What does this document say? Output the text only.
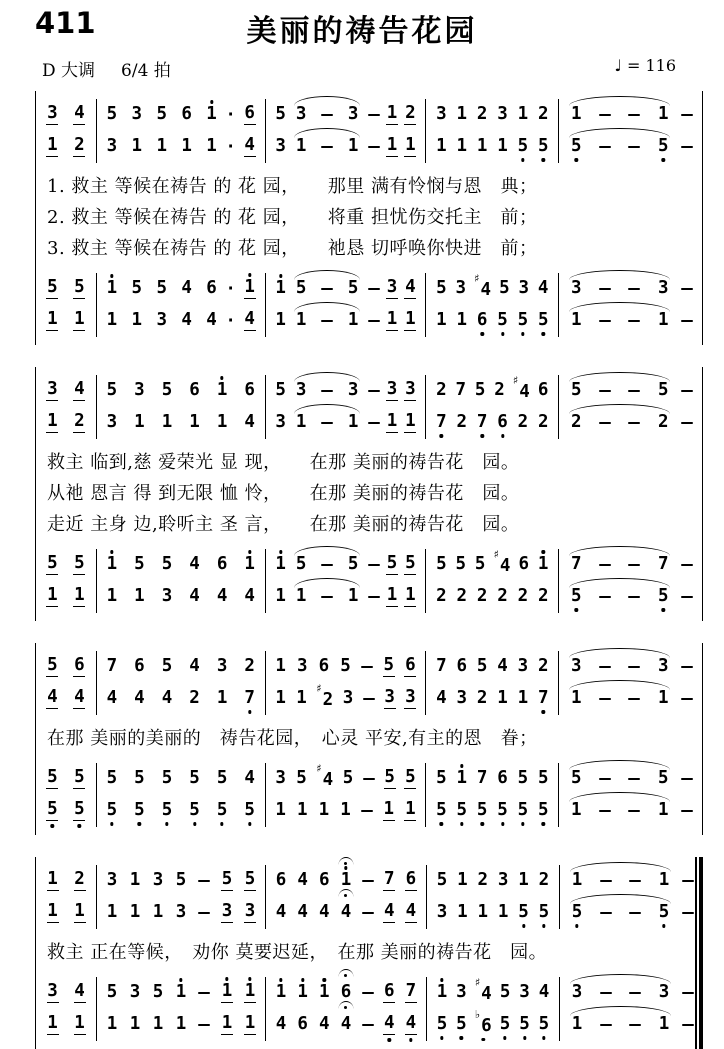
411	美丽的祷告花园
D 大调 6/4 拍	♩ = 116
3 4
1 2
5 3 5 6 1 · 6
3 1 1 1 1 · 4
5 3 3 1 2
3 1 1 1 1
3 1 2 3 1 2
1 1 1 1 5 5
1	1
5	5

1. 救主 等候在祷告 的 花 园，　　那里 满有怜悯与恩　典；

2. 救主 等候在祷告 的 花 园，　　将重 担忧伤交托主　前；

3. 救主 等候在祷告 的 花 园，　　祂恳 切呼唤你快进　前；

5 5
1 1
1 5 5 4 6 · 1
1 1 3 4 4 · 4
1 5 5 3 4
1 1 1 1 1
5 3 ♯4 5 3 4
1 1 6 5 5 5
3	3
1	1
3 4
1 2
5 3 5 6 1 6
3 1 1 1 1 4
5 3 3 3 3
3 1 1 1 1
2 7 5 2 ♯4 6
7 2 7 6 2 2
5	5
2	2

救主 临到,慈 爱荣光 显 现，　　在那 美丽的祷告花　园。

从祂 恩言 得 到无限 恤 怜，　　在那 美丽的祷告花　园。

走近 主身 边,聆听主 圣 言，　　在那 美丽的祷告花　园。

5 5
1 1
1 5 5 4 6 1
1 1 3 4 4 4
1 5 5 5 5
1 1 1 1 1
5 5 5 ♯4 6 1
2 2 2 2 2 2
7	7
5	5
5 6
4 4
7 6 5 4 3 2
4 4 4 2 1 7
1 3 6 5 5 6
1 1 ♯2 3 3 3
7 6 5 4 3 2
4 3 2 1 1 7
3	3
1	1

在那 美丽的美丽的　祷告花园，　心灵 平安,有主的恩　眷；

5 5
5 5
5 5 5 5 5 4
5 5 5 5 5 5
3 5 ♯4 5 5 5
1 1 1 1 1 1
5 1 7 6 5 5
5 5 5 5 5 5
5	5
1	1
1 2
1 1
3 1 3 5 5 5
1 1 1 3 3 3
6 4 6 1 7 6
4 4 4 4 4 4
5 1 2 3 1 2
3 1 1 1 5 5
1	1
5	5

救主 正在等候，　劝你 莫要迟延，　在那 美丽的祷告花　园。

3 4
1 1
5 3 5 1 1 1
1 1 1 1 1 1
1 1 1 6 6 7
4 6 4 4 4 4
1 3 ♯4 5 3 4
5 5 ♭6 5 5 5
3	3
1	1
